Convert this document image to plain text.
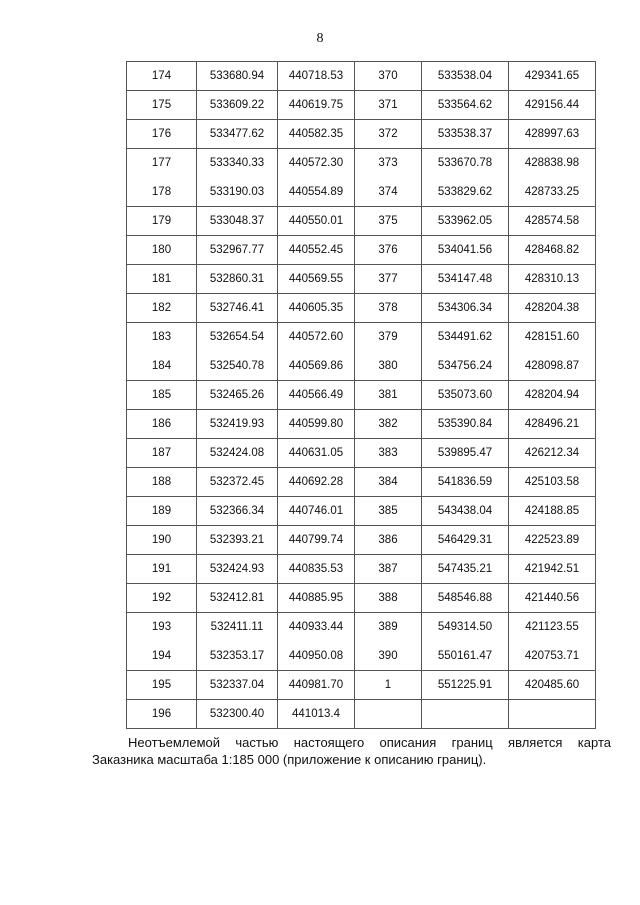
8
174	533680.94	440718.53	370	533538.04	429341.65
175	533609.22	440619.75	371	533564.62	429156.44
176	533477.62	440582.35	372	533538.37	428997.63
177	533340.33	440572.30	373	533670.78	428838.98
178	533190.03	440554.89	374	533829.62	428733.25
179	533048.37	440550.01	375	533962.05	428574.58
180	532967.77	440552.45	376	534041.56	428468.82
181	532860.31	440569.55	377	534147.48	428310.13
182	532746.41	440605.35	378	534306.34	428204.38
183	532654.54	440572.60	379	534491.62	428151.60
184	532540.78	440569.86	380	534756.24	428098.87
185	532465.26	440566.49	381	535073.60	428204.94
186	532419.93	440599.80	382	535390.84	428496.21
187	532424.08	440631.05	383	539895.47	426212.34
188	532372.45	440692.28	384	541836.59	425103.58
189	532366.34	440746.01	385	543438.04	424188.85
190	532393.21	440799.74	386	546429.31	422523.89
191	532424.93	440835.53	387	547435.21	421942.51
192	532412.81	440885.95	388	548546.88	421440.56
193	532411.11	440933.44	389	549314.50	421123.55
194	532353.17	440950.08	390	550161.47	420753.71
195	532337.04	440981.70	1	551225.91	420485.60
196	532300.40	441013.4			

Неотъемлемой частью настоящего описания границ является карта

Заказника масштаба 1:185 000 (приложение к описанию границ).
